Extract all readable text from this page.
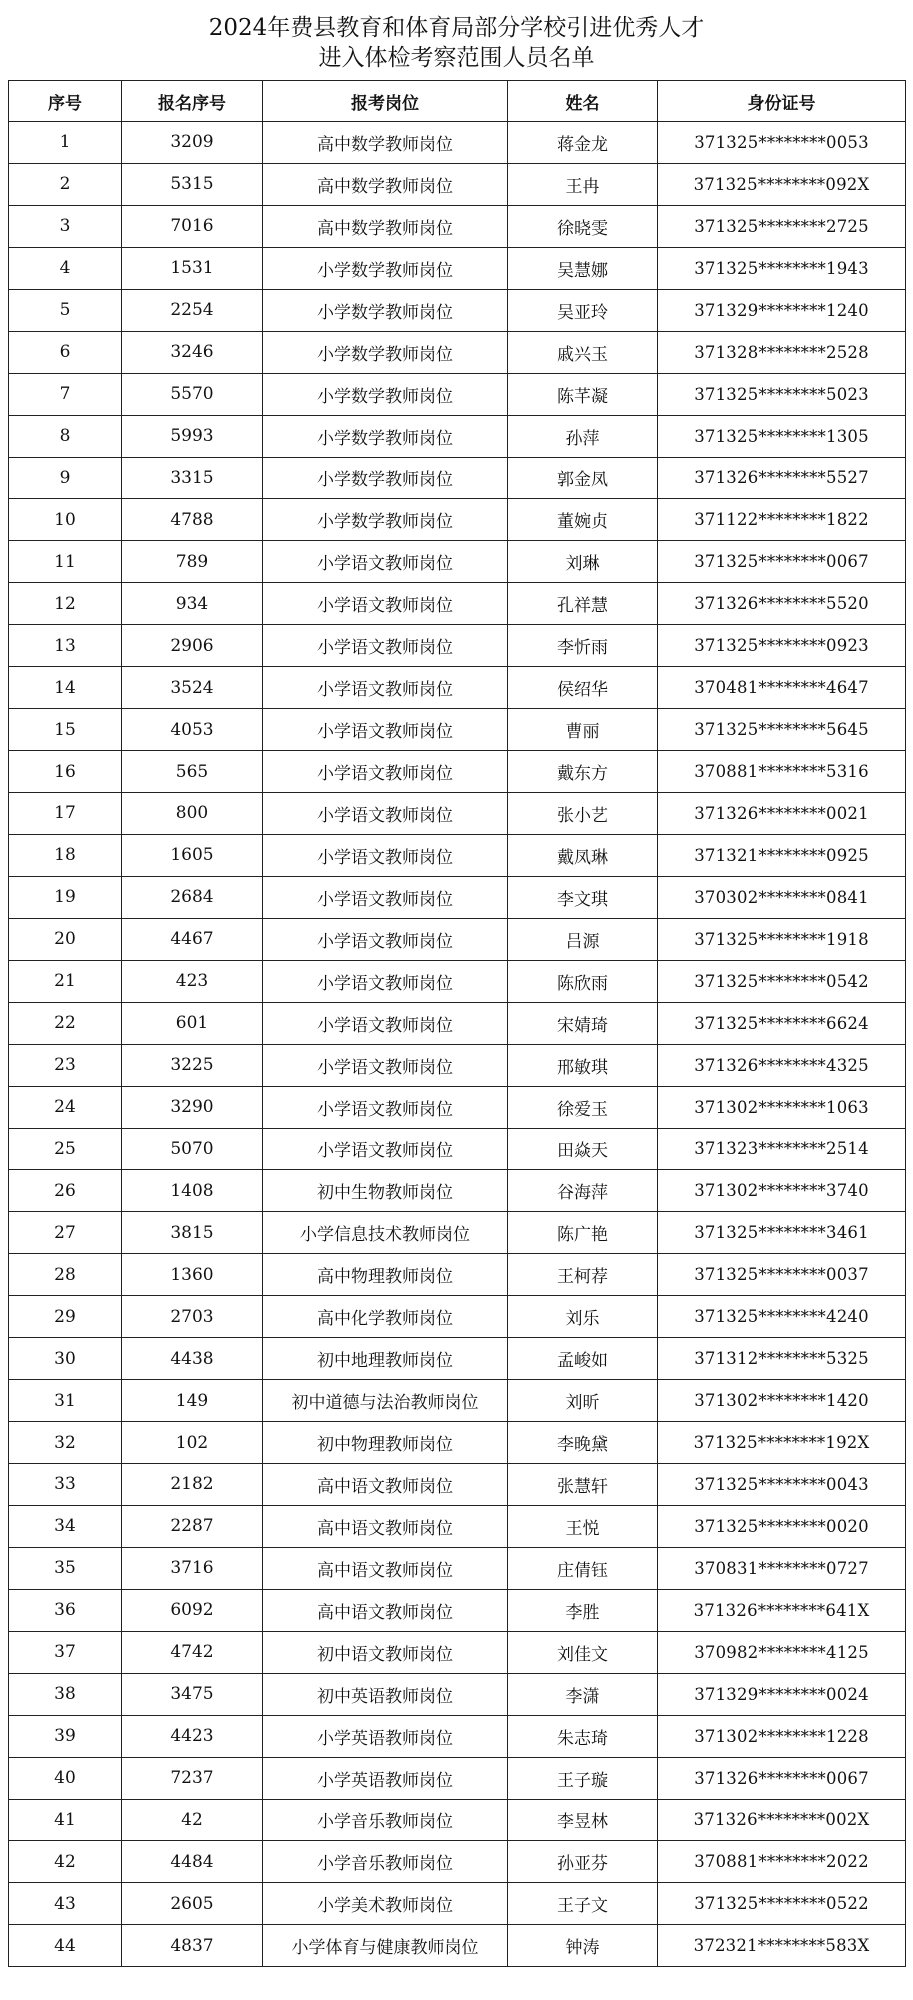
2024年费县教育和体育局部分学校引进优秀人才
进入体检考察范围人员名单
序号	报名序号	报考岗位	姓名	身份证号
1	3209	高中数学教师岗位	蒋金龙	371325********0053
2	5315	高中数学教师岗位	王冉	371325********092X
3	7016	高中数学教师岗位	徐晓雯	371325********2725
4	1531	小学数学教师岗位	吴慧娜	371325********1943
5	2254	小学数学教师岗位	吴亚玲	371329********1240
6	3246	小学数学教师岗位	戚兴玉	371328********2528
7	5570	小学数学教师岗位	陈芊凝	371325********5023
8	5993	小学数学教师岗位	孙萍	371325********1305
9	3315	小学数学教师岗位	郭金凤	371326********5527
10	4788	小学数学教师岗位	董婉贞	371122********1822
11	789	小学语文教师岗位	刘琳	371325********0067
12	934	小学语文教师岗位	孔祥慧	371326********5520
13	2906	小学语文教师岗位	李忻雨	371325********0923
14	3524	小学语文教师岗位	侯绍华	370481********4647
15	4053	小学语文教师岗位	曹丽	371325********5645
16	565	小学语文教师岗位	戴东方	370881********5316
17	800	小学语文教师岗位	张小艺	371326********0021
18	1605	小学语文教师岗位	戴凤琳	371321********0925
19	2684	小学语文教师岗位	李文琪	370302********0841
20	4467	小学语文教师岗位	吕源	371325********1918
21	423	小学语文教师岗位	陈欣雨	371325********0542
22	601	小学语文教师岗位	宋婧琦	371325********6624
23	3225	小学语文教师岗位	邢敏琪	371326********4325
24	3290	小学语文教师岗位	徐爱玉	371302********1063
25	5070	小学语文教师岗位	田焱天	371323********2514
26	1408	初中生物教师岗位	谷海萍	371302********3740
27	3815	小学信息技术教师岗位	陈广艳	371325********3461
28	1360	高中物理教师岗位	王柯荐	371325********0037
29	2703	高中化学教师岗位	刘乐	371325********4240
30	4438	初中地理教师岗位	孟峻如	371312********5325
31	149	初中道德与法治教师岗位	刘昕	371302********1420
32	102	初中物理教师岗位	李晚黛	371325********192X
33	2182	高中语文教师岗位	张慧轩	371325********0043
34	2287	高中语文教师岗位	王悦	371325********0020
35	3716	高中语文教师岗位	庄倩钰	370831********0727
36	6092	高中语文教师岗位	李胜	371326********641X
37	4742	初中语文教师岗位	刘佳文	370982********4125
38	3475	初中英语教师岗位	李潇	371329********0024
39	4423	小学英语教师岗位	朱志琦	371302********1228
40	7237	小学英语教师岗位	王子璇	371326********0067
41	42	小学音乐教师岗位	李昱林	371326********002X
42	4484	小学音乐教师岗位	孙亚芬	370881********2022
43	2605	小学美术教师岗位	王子文	371325********0522
44	4837	小学体育与健康教师岗位	钟涛	372321********583X
